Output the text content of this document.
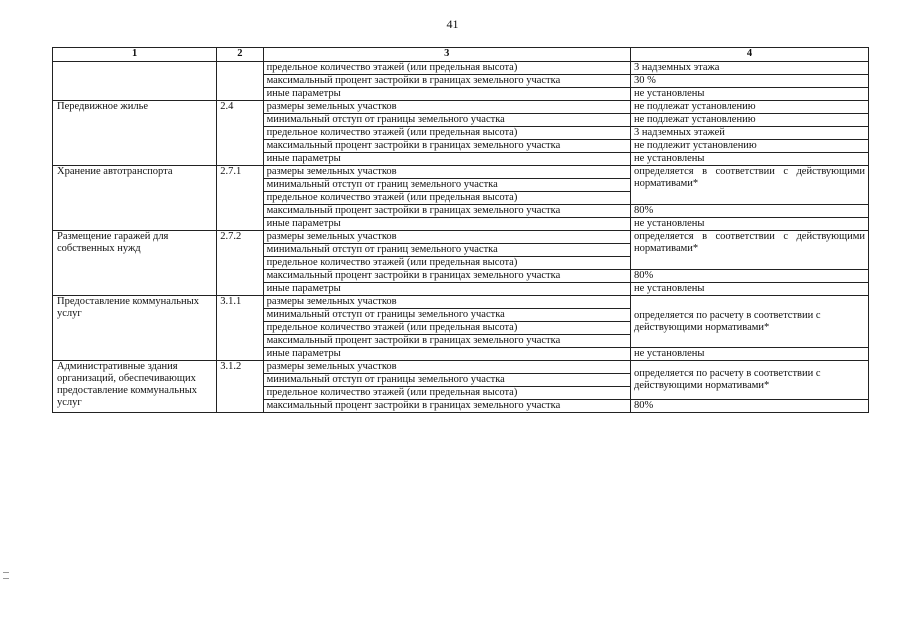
41
1	2	3	4
		предельное количество этажей (или предельная высота)	3 надземных этажа
		максимальный процент застройки в границах земельного участка	30 %
		иные параметры	не установлены
Передвижное жилье	2.4	размеры земельных участков	не подлежат установлению
		минимальный отступ от границы земельного участка	не подлежат установлению
		предельное количество этажей (или предельная высота)	3 надземных этажей
		максимальный процент застройки в границах земельного участка	не подлежит установлению
		иные параметры	не установлены
Хранение автотранспорта	2.7.1	размеры земельных участков	определяется в соответствии с действующими нормативами*
		минимальный отступ от границ земельного участка	
		предельное количество этажей (или предельная высота)	
		максимальный процент застройки в границах земельного участка	80%
		иные параметры	не установлены
Размещение гаражей для собственных нужд	2.7.2	размеры земельных участков	определяется в соответствии с действующими нормативами*
		минимальный отступ от границ земельного участка	
		предельное количество этажей (или предельная высота)	
		максимальный процент застройки в границах земельного участка	80%
		иные параметры	не установлены
Предоставление коммунальных услуг	3.1.1	размеры земельных участков	определяется по расчету в соответствии с действующими нормативами*
		минимальный отступ от границы земельного участка	
		предельное количество этажей (или предельная высота)	
		максимальный процент застройки в границах земельного участка	
		иные параметры	не установлены
Административные здания организаций, обеспечивающих предоставление коммунальных услуг	3.1.2	размеры земельных участков	определяется по расчету в соответствии с действующими нормативами*
		минимальный отступ от границы земельного участка	
		предельное количество этажей (или предельная высота)	
		максимальный процент застройки в границах земельного участка	80%
